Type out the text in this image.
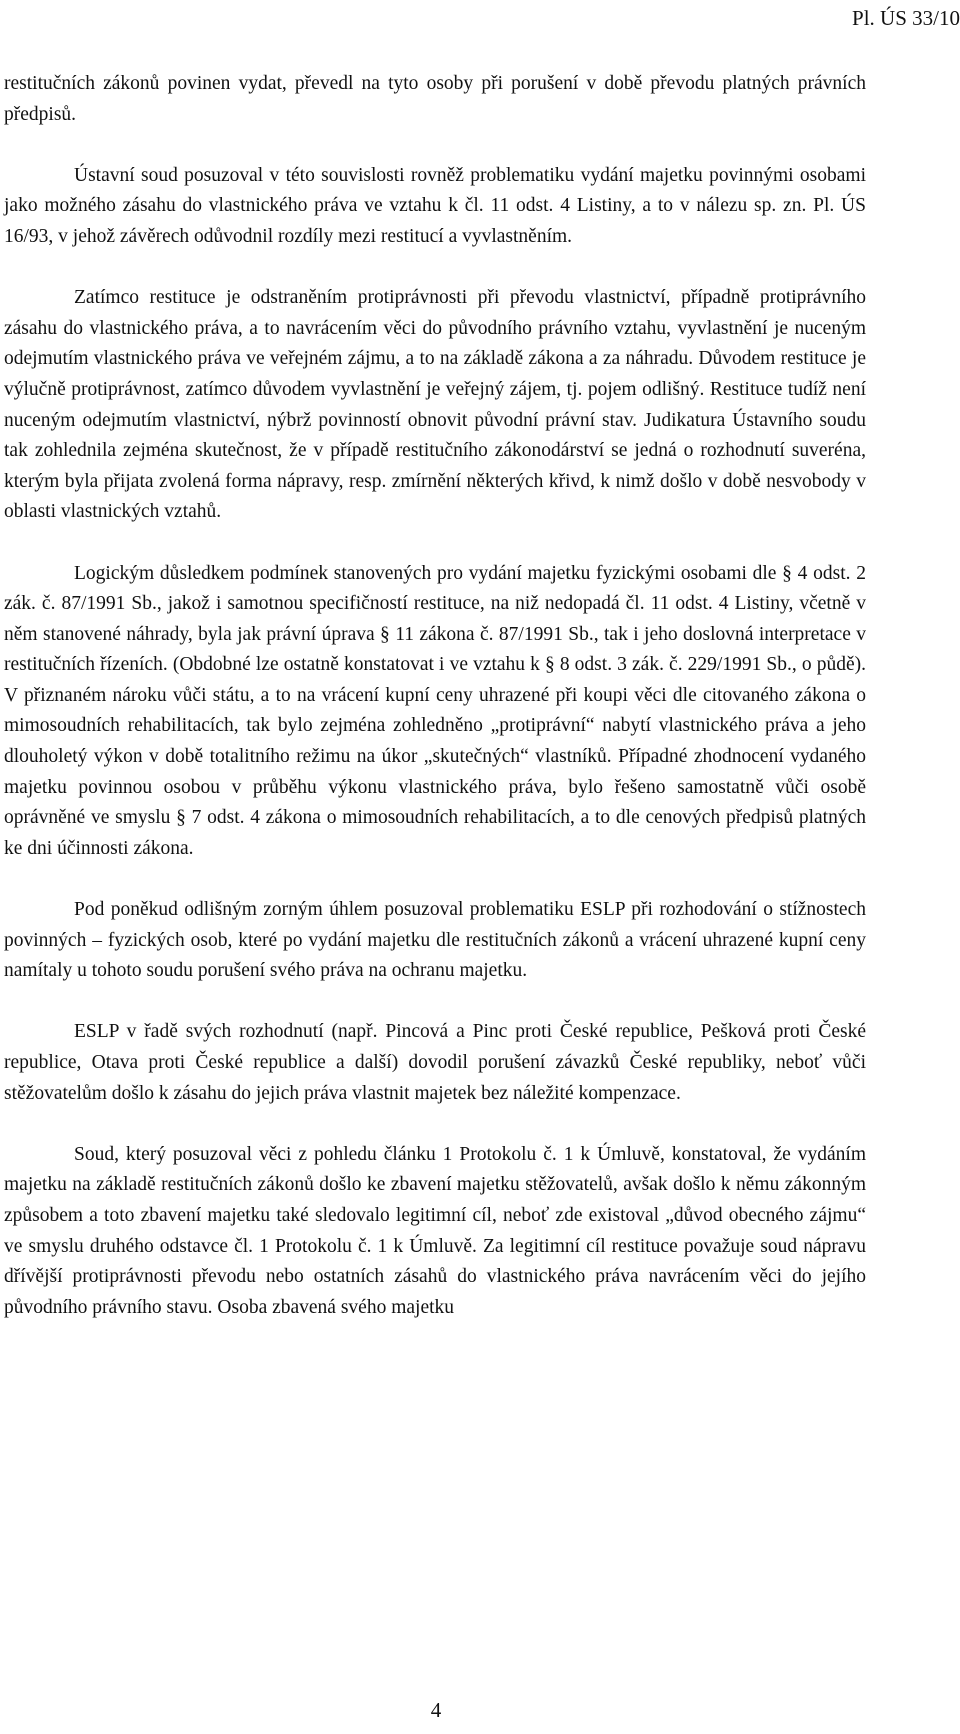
Pl. ÚS 33/10

restitučních zákonů povinen vydat, převedl na tyto osoby při porušení v době převodu platných právních předpisů.

Ústavní soud posuzoval v této souvislosti rovněž problematiku vydání majetku povinnými osobami jako možného zásahu do vlastnického práva ve vztahu k čl. 11 odst. 4 Listiny, a to v nálezu sp. zn. Pl. ÚS 16/93, v jehož závěrech odůvodnil rozdíly mezi restitucí a vyvlastněním.

Zatímco restituce je odstraněním protiprávnosti při převodu vlastnictví, případně protiprávního zásahu do vlastnického práva, a to navrácením věci do původního právního vztahu, vyvlastnění je nuceným odejmutím vlastnického práva ve veřejném zájmu, a to na základě zákona a za náhradu. Důvodem restituce je výlučně protiprávnost, zatímco důvodem vyvlastnění je veřejný zájem, tj. pojem odlišný. Restituce tudíž není nuceným odejmutím vlastnictví, nýbrž povinností obnovit původní právní stav. Judikatura Ústavního soudu tak zohlednila zejména skutečnost, že v případě restitučního zákonodárství se jedná o rozhodnutí suveréna, kterým byla přijata zvolená forma nápravy, resp. zmírnění některých křivd, k nimž došlo v době nesvobody v oblasti vlastnických vztahů.

Logickým důsledkem podmínek stanovených pro vydání majetku fyzickými osobami dle § 4 odst. 2 zák. č. 87/1991 Sb., jakož i samotnou specifičností restituce, na niž nedopadá čl. 11 odst. 4 Listiny, včetně v něm stanovené náhrady, byla jak právní úprava § 11 zákona č. 87/1991 Sb., tak i jeho doslovná interpretace v restitučních řízeních. (Obdobné lze ostatně konstatovat i ve vztahu k § 8 odst. 3 zák. č. 229/1991 Sb., o půdě). V přiznaném nároku vůči státu, a to na vrácení kupní ceny uhrazené při koupi věci dle citovaného zákona o mimosoudních rehabilitacích, tak bylo zejména zohledněno „protiprávní“ nabytí vlastnického práva a jeho dlouholetý výkon v době totalitního režimu na úkor „skutečných“ vlastníků. Případné zhodnocení vydaného majetku povinnou osobou v průběhu výkonu vlastnického práva, bylo řešeno samostatně vůči osobě oprávněné ve smyslu § 7 odst. 4 zákona o mimosoudních rehabilitacích, a to dle cenových předpisů platných ke dni účinnosti zákona.

Pod poněkud odlišným zorným úhlem posuzoval problematiku ESLP při rozhodování o stížnostech povinných – fyzických osob, které po vydání majetku dle restitučních zákonů a vrácení uhrazené kupní ceny namítaly u tohoto soudu porušení svého práva na ochranu majetku.

ESLP v řadě svých rozhodnutí (např. Pincová a Pinc proti České republice, Pešková proti České republice, Otava proti České republice a další) dovodil porušení závazků České republiky, neboť vůči stěžovatelům došlo k zásahu do jejich práva vlastnit majetek bez náležité kompenzace.

Soud, který posuzoval věci z pohledu článku 1 Protokolu č. 1 k Úmluvě, konstatoval, že vydáním majetku na základě restitučních zákonů došlo ke zbavení majetku stěžovatelů, avšak došlo k němu zákonným způsobem a toto zbavení majetku také sledovalo legitimní cíl, neboť zde existoval „důvod obecného zájmu“ ve smyslu druhého odstavce čl. 1 Protokolu č. 1 k Úmluvě. Za legitimní cíl restituce považuje soud nápravu dřívější protiprávnosti převodu nebo ostatních zásahů do vlastnického práva navrácením věci do jejího původního právního stavu. Osoba zbavená svého majetku

4
